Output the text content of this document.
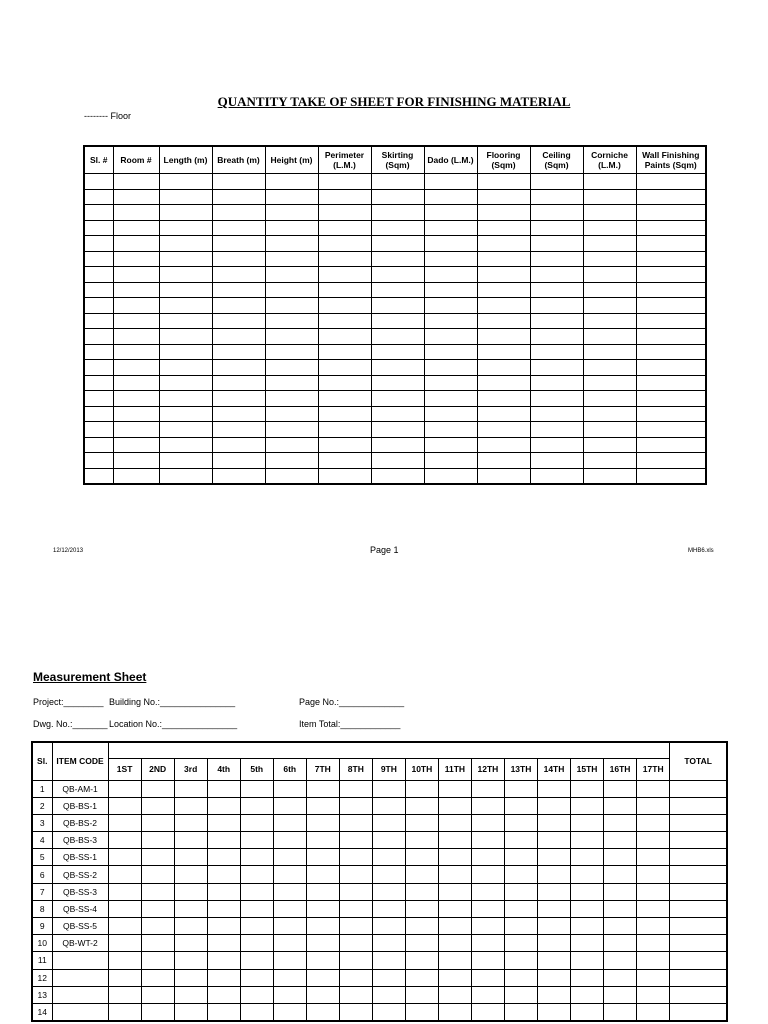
QUANTITY TAKE OF SHEET FOR FINISHING MATERIAL
-------- Floor
Sl. #	Room #	Length (m)	Breath (m)	Height (m)	Perimeter (L.M.)	Skirting (Sqm)	Dado (L.M.)	Flooring (Sqm)	Ceiling (Sqm)	Corniche (L.M.)	Wall Finishing Paints (Sqm)

12/12/2013	Page 1	MHB6.xls
Measurement Sheet
Project:________ Building No.:_______________	Page No.:_____________
Dwg. No.:_______ Location No.:_______________	Item Total:____________
Sl.	ITEM CODE																		TOTAL
		1ST	2ND	3rd	4th	5th	6th	7TH	8TH	9TH	10TH	11TH	12TH	13TH	14TH	15TH	16TH	17TH	
1	QB-AM-1																		
2	QB-BS-1																		
3	QB-BS-2																		
4	QB-BS-3																		
5	QB-SS-1																		
6	QB-SS-2																		
7	QB-SS-3																		
8	QB-SS-4																		
9	QB-SS-5																		
10	QB-WT-2																		
11																			
12																			
13																			
14																			
